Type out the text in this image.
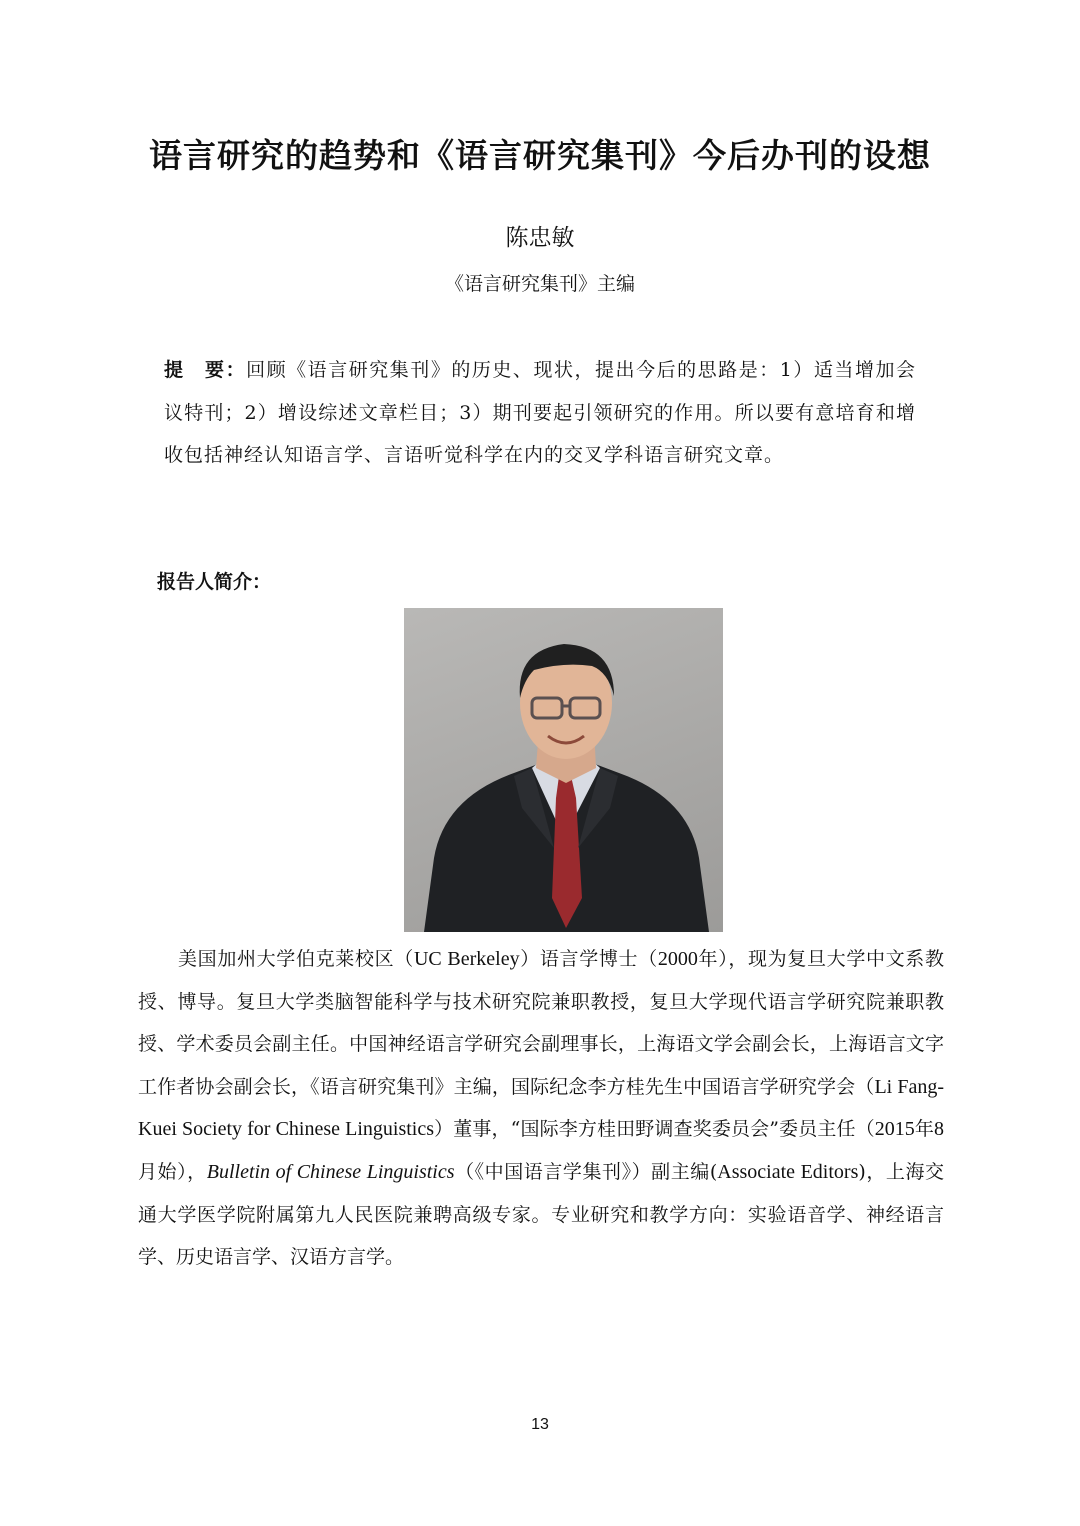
语言研究的趋势和《语言研究集刊》今后办刊的设想
陈忠敏
《语言研究集刊》主编
提　要：回顾《语言研究集刊》的历史、现状，提出今后的思路是：1）适当增加会议特刊；2）增设综述文章栏目；3）期刊要起引领研究的作用。所以要有意培育和增收包括神经认知语言学、言语听觉科学在内的交叉学科语言研究文章。
报告人简介：
美国加州大学伯克莱校区（UC Berkeley）语言学博士（2000年），现为复旦大学中文系教授、博导。复旦大学类脑智能科学与技术研究院兼职教授，复旦大学现代语言学研究院兼职教授、学术委员会副主任。中国神经语言学研究会副理事长，上海语文学会副会长，上海语言文字工作者协会副会长，《语言研究集刊》主编，国际纪念李方桂先生中国语言学研究学会（Li Fang-Kuei Society for Chinese Linguistics）董事，“国际李方桂田野调查奖委员会”委员主任（2015年8月始），Bulletin of Chinese Linguistics（《中国语言学集刊》）副主编(Associate Editors)，上海交通大学医学院附属第九人民医院兼聘高级专家。专业研究和教学方向：实验语音学、神经语言学、历史语言学、汉语方言学。
13
